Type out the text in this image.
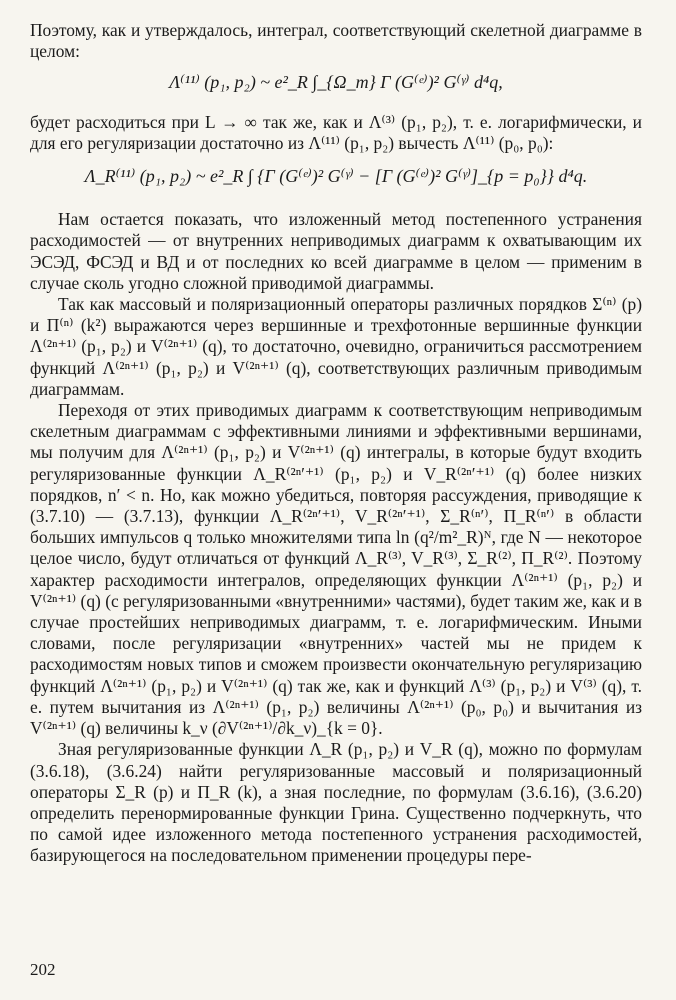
Поэтому, как и утверждалось, интеграл, соответствующий скелетной диаграмме в целом:

Λ⁽¹¹⁾ (p₁, p₂) ~ e²_R ∫_{Ω_m} Γ (G⁽ᵉ⁾)² G⁽ᵞ⁾ d⁴q,

будет расходиться при L → ∞ так же, как и Λ⁽³⁾ (p₁, p₂), т. е. логарифмически, и для его регуляризации достаточно из Λ⁽¹¹⁾ (p₁, p₂) вычесть Λ⁽¹¹⁾ (p₀, p₀):

Λ_R⁽¹¹⁾ (p₁, p₂) ~ e²_R ∫ {Γ (G⁽ᵉ⁾)² G⁽ᵞ⁾ − [Γ (G⁽ᵉ⁾)² G⁽ᵞ⁾]_{p = p₀}} d⁴q.

Нам остается показать, что изложенный метод постепенного устранения расходимостей — от внутренних неприводимых диаграмм к охватывающим их ЭСЭД, ФСЭД и ВД и от последних ко всей диаграмме в целом — применим в случае сколь угодно сложной приводимой диаграммы.

Так как массовый и поляризационный операторы различных порядков Σ⁽ⁿ⁾ (p) и Π⁽ⁿ⁾ (k²) выражаются через вершинные и трехфотонные вершинные функции Λ⁽²ⁿ⁺¹⁾ (p₁, p₂) и V⁽²ⁿ⁺¹⁾ (q), то достаточно, очевидно, ограничиться рассмотрением функций Λ⁽²ⁿ⁺¹⁾ (p₁, p₂) и V⁽²ⁿ⁺¹⁾ (q), соответствующих различным приводимым диаграммам.

Переходя от этих приводимых диаграмм к соответствующим неприводимым скелетным диаграммам с эффективными линиями и эффективными вершинами, мы получим для Λ⁽²ⁿ⁺¹⁾ (p₁, p₂) и V⁽²ⁿ⁺¹⁾ (q) интегралы, в которые будут входить регуляризованные функции Λ_R⁽²ⁿ′⁺¹⁾ (p₁, p₂) и V_R⁽²ⁿ′⁺¹⁾ (q) более низких порядков, n′ < n. Но, как можно убедиться, повторяя рассуждения, приводящие к (3.7.10) — (3.7.13), функции Λ_R⁽²ⁿ′⁺¹⁾, V_R⁽²ⁿ′⁺¹⁾, Σ_R⁽ⁿ′⁾, Π_R⁽ⁿ′⁾ в области больших импульсов q только множителями типа ln (q²/m²_R)ᴺ, где N — некоторое целое число, будут отличаться от функций Λ_R⁽³⁾, V_R⁽³⁾, Σ_R⁽²⁾, Π_R⁽²⁾. Поэтому характер расходимости интегралов, определяющих функции Λ⁽²ⁿ⁺¹⁾ (p₁, p₂) и V⁽²ⁿ⁺¹⁾ (q) (с регуляризованными «внутренними» частями), будет таким же, как и в случае простейших неприводимых диаграмм, т. е. логарифмическим. Иными словами, после регуляризации «внутренних» частей мы не придем к расходимостям новых типов и сможем произвести окончательную регуляризацию функций Λ⁽²ⁿ⁺¹⁾ (p₁, p₂) и V⁽²ⁿ⁺¹⁾ (q) так же, как и функций Λ⁽³⁾ (p₁, p₂) и V⁽³⁾ (q), т. е. путем вычитания из Λ⁽²ⁿ⁺¹⁾ (p₁, p₂) величины Λ⁽²ⁿ⁺¹⁾ (p₀, p₀) и вычитания из V⁽²ⁿ⁺¹⁾ (q) величины k_ν (∂V⁽²ⁿ⁺¹⁾/∂k_ν)_{k = 0}.

Зная регуляризованные функции Λ_R (p₁, p₂) и V_R (q), можно по формулам (3.6.18), (3.6.24) найти регуляризованные массовый и поляризационный операторы Σ_R (p) и Π_R (k), а зная последние, по формулам (3.6.16), (3.6.20) определить перенормированные функции Грина. Существенно подчеркнуть, что по самой идее изложенного метода постепенного устранения расходимостей, базирующегося на последовательном применении процедуры пере-

202
